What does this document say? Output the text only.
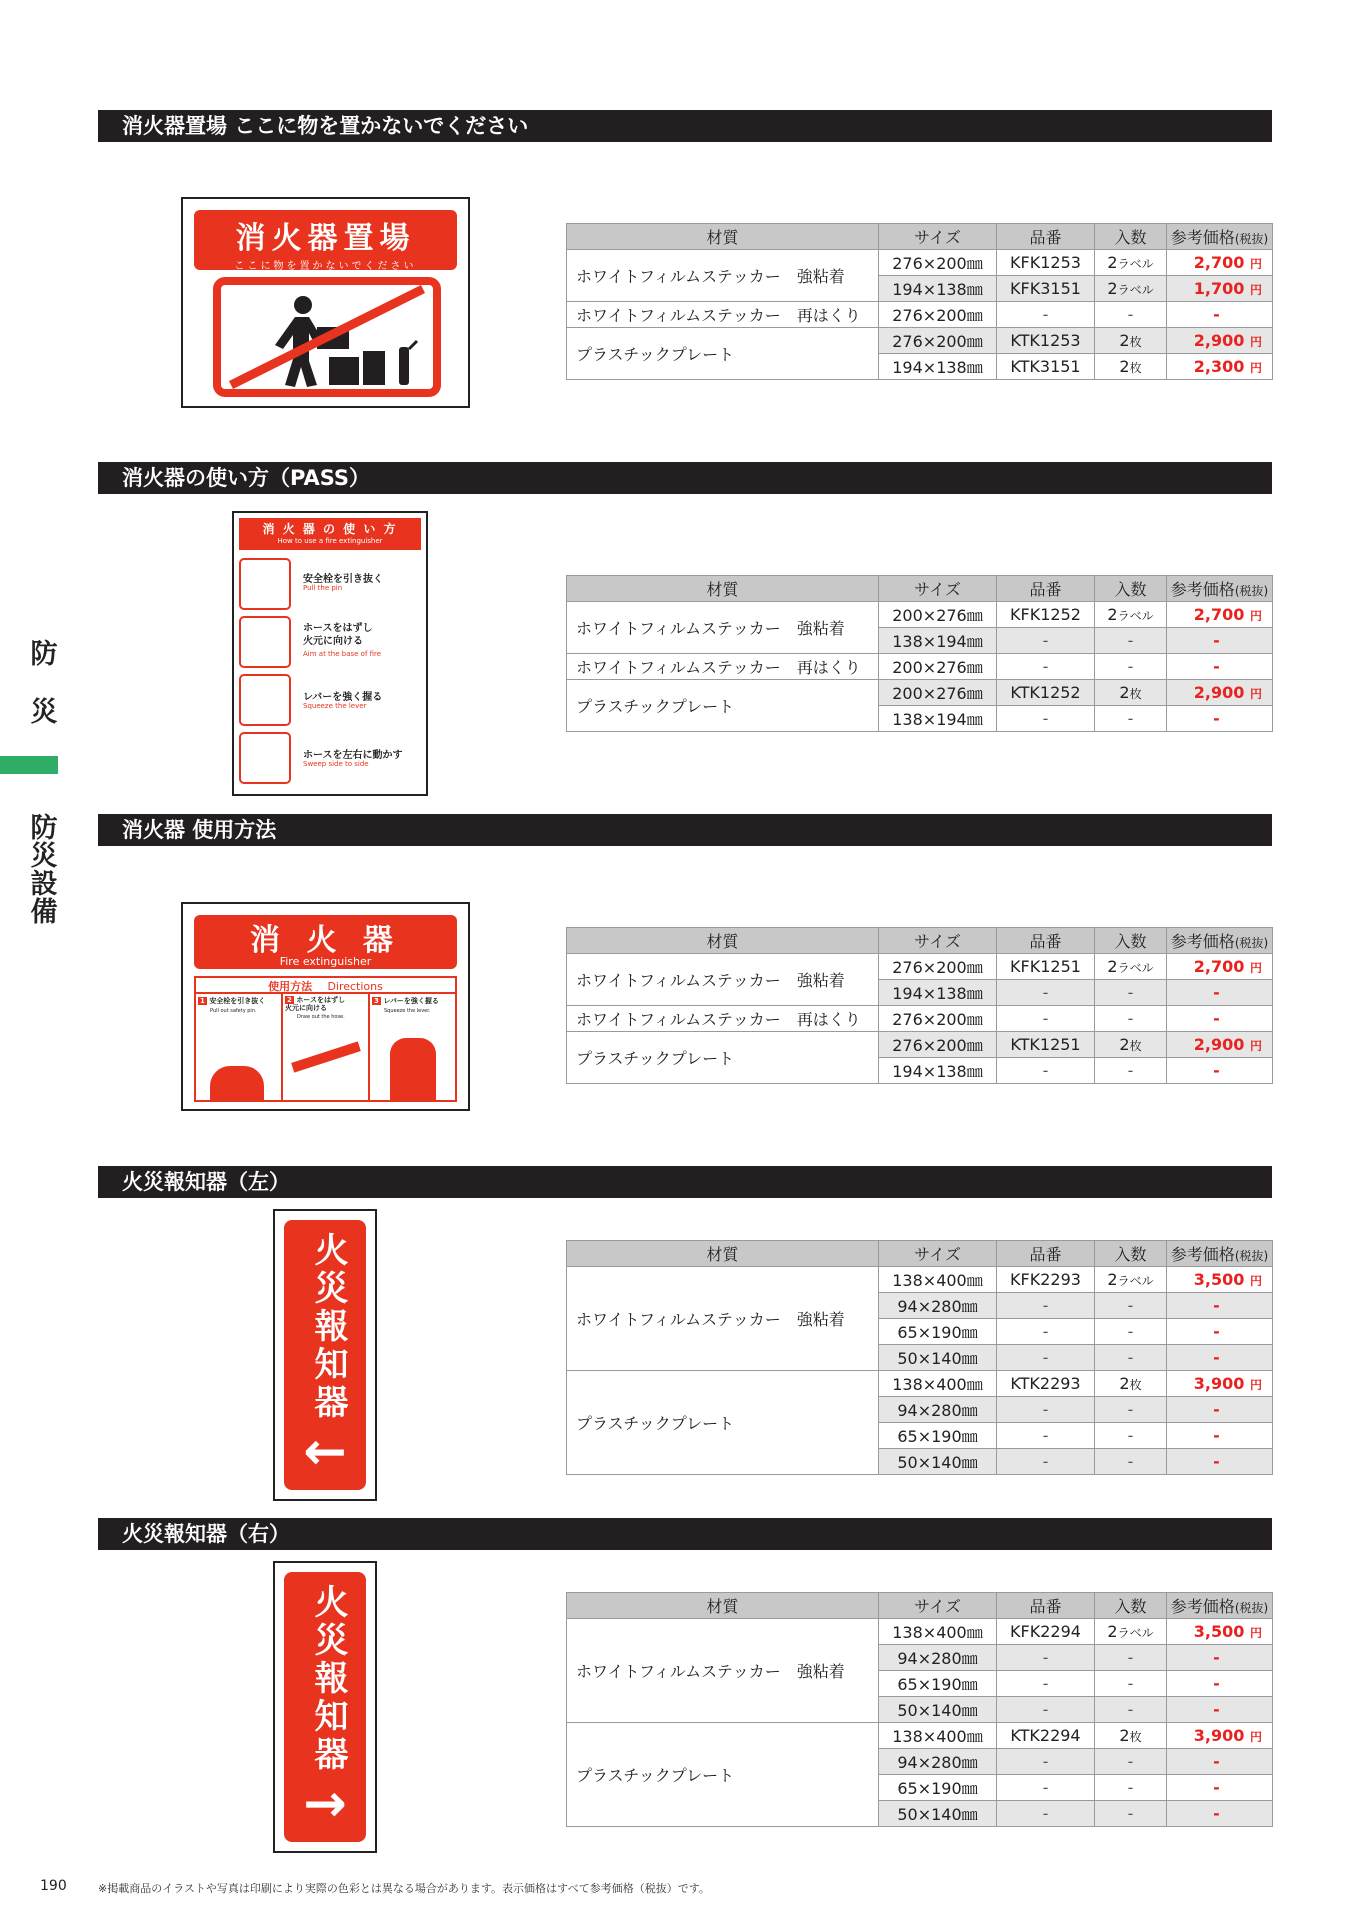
防
災
防
災
設
備
消火器置場 ここに物を置かないでください
消火器の使い方（PASS）
消火器 使用方法
火災報知器（左）
火災報知器（右）
消火器置場
ここに物を置かないでください
消 火 器 の 使 い 方
How to use a fire extinguisher
安全栓を引き抜く
Pull the pin
ホースをはずし
火元に向ける
Aim at the base of fire
レバーを強く握る
Squeeze the lever
ホースを左右に動かす
Sweep side to side
消 火 器
Fire extinguisher
使用方法 Directions
1 安全栓を引き抜く
Pull out safety pin.
2 ホースをはずし
火元に向ける
Draw out the hose.
3 レバーを強く握る
Squeeze the lever.
火災報知器
←
火災報知器
→
材質	サイズ	品番	入数	参考価格(税抜)
ホワイトフィルムステッカー　強粘着	276×200㎜	KFK1253	2ラベル	2,700 円
	194×138㎜	KFK3151	2ラベル	1,700 円
ホワイトフィルムステッカー　再はくり	276×200㎜	-	-	-
プラスチックプレート	276×200㎜	KTK1253	2枚	2,900 円
	194×138㎜	KTK3151	2枚	2,300 円
材質	サイズ	品番	入数	参考価格(税抜)
ホワイトフィルムステッカー　強粘着	200×276㎜	KFK1252	2ラベル	2,700 円
	138×194㎜	-	-	-
ホワイトフィルムステッカー　再はくり	200×276㎜	-	-	-
プラスチックプレート	200×276㎜	KTK1252	2枚	2,900 円
	138×194㎜	-	-	-
材質	サイズ	品番	入数	参考価格(税抜)
ホワイトフィルムステッカー　強粘着	276×200㎜	KFK1251	2ラベル	2,700 円
	194×138㎜	-	-	-
ホワイトフィルムステッカー　再はくり	276×200㎜	-	-	-
プラスチックプレート	276×200㎜	KTK1251	2枚	2,900 円
	194×138㎜	-	-	-
材質	サイズ	品番	入数	参考価格(税抜)
ホワイトフィルムステッカー　強粘着	138×400㎜	KFK2293	2ラベル	3,500 円
	94×280㎜	-	-	-
	65×190㎜	-	-	-
	50×140㎜	-	-	-
プラスチックプレート	138×400㎜	KTK2293	2枚	3,900 円
	94×280㎜	-	-	-
	65×190㎜	-	-	-
	50×140㎜	-	-	-
材質	サイズ	品番	入数	参考価格(税抜)
ホワイトフィルムステッカー　強粘着	138×400㎜	KFK2294	2ラベル	3,500 円
	94×280㎜	-	-	-
	65×190㎜	-	-	-
	50×140㎜	-	-	-
プラスチックプレート	138×400㎜	KTK2294	2枚	3,900 円
	94×280㎜	-	-	-
	65×190㎜	-	-	-
	50×140㎜	-	-	-
190	※掲載商品のイラストや写真は印刷により実際の色彩とは異なる場合があります。表示価格はすべて参考価格（税抜）です。
